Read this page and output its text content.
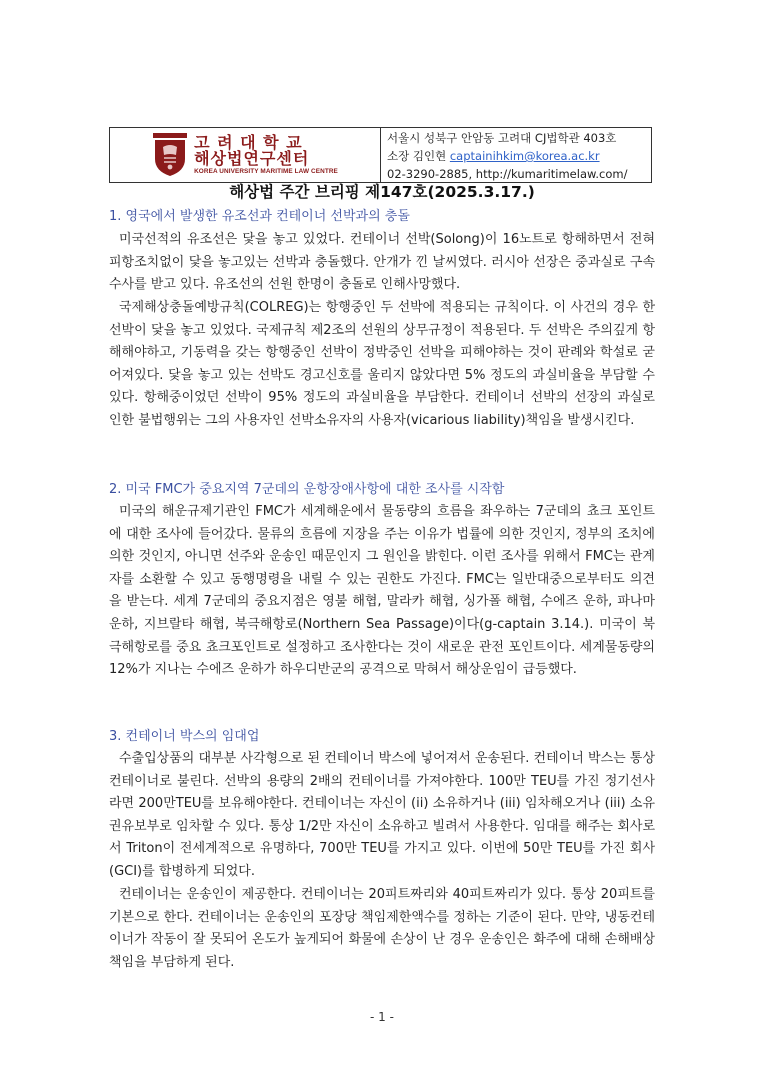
고 려 대 학 교
해상법연구센터
KOREA UNIVERSITY MARITIME LAW CENTRE
서울시 성북구 안암동 고려대 CJ법학관 403호
소장 김인현 captainihkim@korea.ac.kr
02-3290-2885, http://kumaritimelaw.com/
해상법 주간 브리핑 제147호(2025.3.17.)
1. 영국에서 발생한 유조선과 컨테이너 선박과의 충돌

미국선적의 유조선은 닻을 놓고 있었다. 컨테이너 선박(Solong)이 16노트로 항해하면서 전혀 피항조치없이 닻을 놓고있는 선박과 충돌했다. 안개가 낀 날씨였다. 러시아 선장은 중과실로 구속수사를 받고 있다. 유조선의 선원 한명이 충돌로 인해사망했다.

국제해상충돌예방규칙(COLREG)는 항행중인 두 선박에 적용되는 규칙이다. 이 사건의 경우 한 선박이 닻을 놓고 있었다. 국제규칙 제2조의 선원의 상무규정이 적용된다. 두 선박은 주의깊게 항해해야하고, 기동력을 갖는 항행중인 선박이 정박중인 선박을 피해야하는 것이 판례와 학설로 굳어져있다. 닻을 놓고 있는 선박도 경고신호를 울리지 않았다면 5% 정도의 과실비율을 부담할 수 있다. 항해중이었던 선박이 95% 정도의 과실비율을 부담한다. 컨테이너 선박의 선장의 과실로 인한 불법행위는 그의 사용자인 선박소유자의 사용자(vicarious liability)책임을 발생시킨다.

2. 미국 FMC가 중요지역 7군데의 운항장애사항에 대한 조사를 시작함

미국의 해운규제기관인 FMC가 세계해운에서 물동량의 흐름을 좌우하는 7군데의 쵸크 포인트에 대한 조사에 들어갔다. 물류의 흐름에 지장을 주는 이유가 법률에 의한 것인지, 정부의 조치에 의한 것인지, 아니면 선주와 운송인 때문인지 그 원인을 밝힌다. 이런 조사를 위해서 FMC는 관계자를 소환할 수 있고 동행명령을 내릴 수 있는 권한도 가진다. FMC는 일반대중으로부터도 의견을 받는다. 세계 7군데의 중요지점은 영불 해협, 말라카 해협, 싱가폴 해협, 수에즈 운하, 파나마 운하, 지브랄타 해협, 북극해항로(Northern Sea Passage)이다(g-captain 3.14.). 미국이 북극해항로를 중요 쵸크포인트로 설정하고 조사한다는 것이 새로운 관전 포인트이다. 세계물동량의 12%가 지나는 수에즈 운하가 하우디반군의 공격으로 막혀서 해상운임이 급등했다.

3. 컨테이너 박스의 임대업

수출입상품의 대부분 사각형으로 된 컨테이너 박스에 넣어져서 운송된다. 컨테이너 박스는 통상 컨테이너로 불린다. 선박의 용량의 2배의 컨테이너를 가져야한다. 100만 TEU를 가진 정기선사라면 200만TEU를 보유해야한다. 컨테이너는 자신이 (ii) 소유하거나 (iii) 임차해오거나 (iii) 소유권유보부로 임차할 수 있다. 통상 1/2만 자신이 소유하고 빌려서 사용한다. 임대를 해주는 회사로서 Triton이 전세계적으로 유명하다, 700만 TEU를 가지고 있다. 이번에 50만 TEU를 가진 회사(GCI)를 합병하게 되었다.

컨테이너는 운송인이 제공한다. 컨테이너는 20피트짜리와 40피트짜리가 있다. 통상 20피트를 기본으로 한다. 컨테이너는 운송인의 포장당 책임제한액수를 정하는 기준이 된다. 만약, 냉동컨테이너가 작동이 잘 못되어 온도가 높게되어 화물에 손상이 난 경우 운송인은 화주에 대해 손해배상책임을 부담하게 된다.

- 1 -
